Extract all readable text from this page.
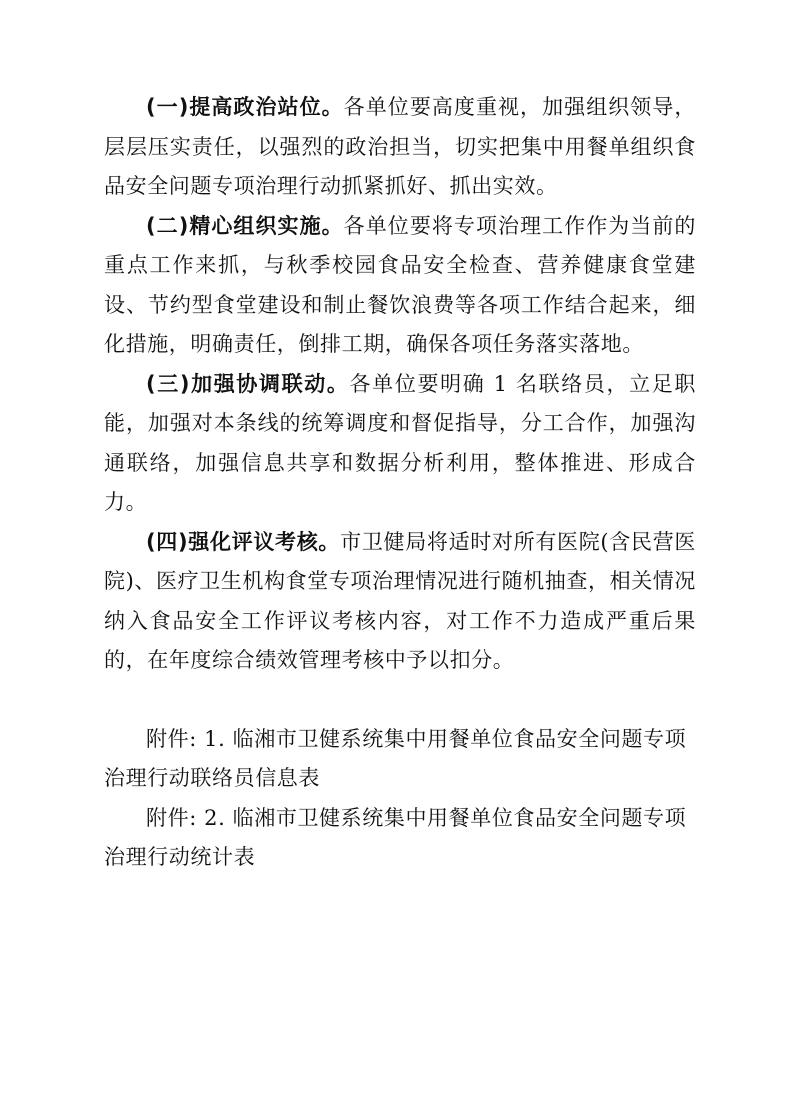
(一)提高政治站位。各单位要高度重视，加强组织领导，层层压实责任，以强烈的政治担当，切实把集中用餐单组织食品安全问题专项治理行动抓紧抓好、抓出实效。

(二)精心组织实施。各单位要将专项治理工作作为当前的重点工作来抓，与秋季校园食品安全检查、营养健康食堂建设、节约型食堂建设和制止餐饮浪费等各项工作结合起来，细化措施，明确责任，倒排工期，确保各项任务落实落地。

(三)加强协调联动。各单位要明确 1 名联络员，立足职能，加强对本条线的统筹调度和督促指导，分工合作，加强沟通联络，加强信息共享和数据分析利用，整体推进、形成合力。

(四)强化评议考核。市卫健局将适时对所有医院(含民营医院)、医疗卫生机构食堂专项治理情况进行随机抽查，相关情况纳入食品安全工作评议考核内容，对工作不力造成严重后果的，在年度综合绩效管理考核中予以扣分。

附件: 1. 临湘市卫健系统集中用餐单位食品安全问题专项治理行动联络员信息表

附件: 2. 临湘市卫健系统集中用餐单位食品安全问题专项治理行动统计表
